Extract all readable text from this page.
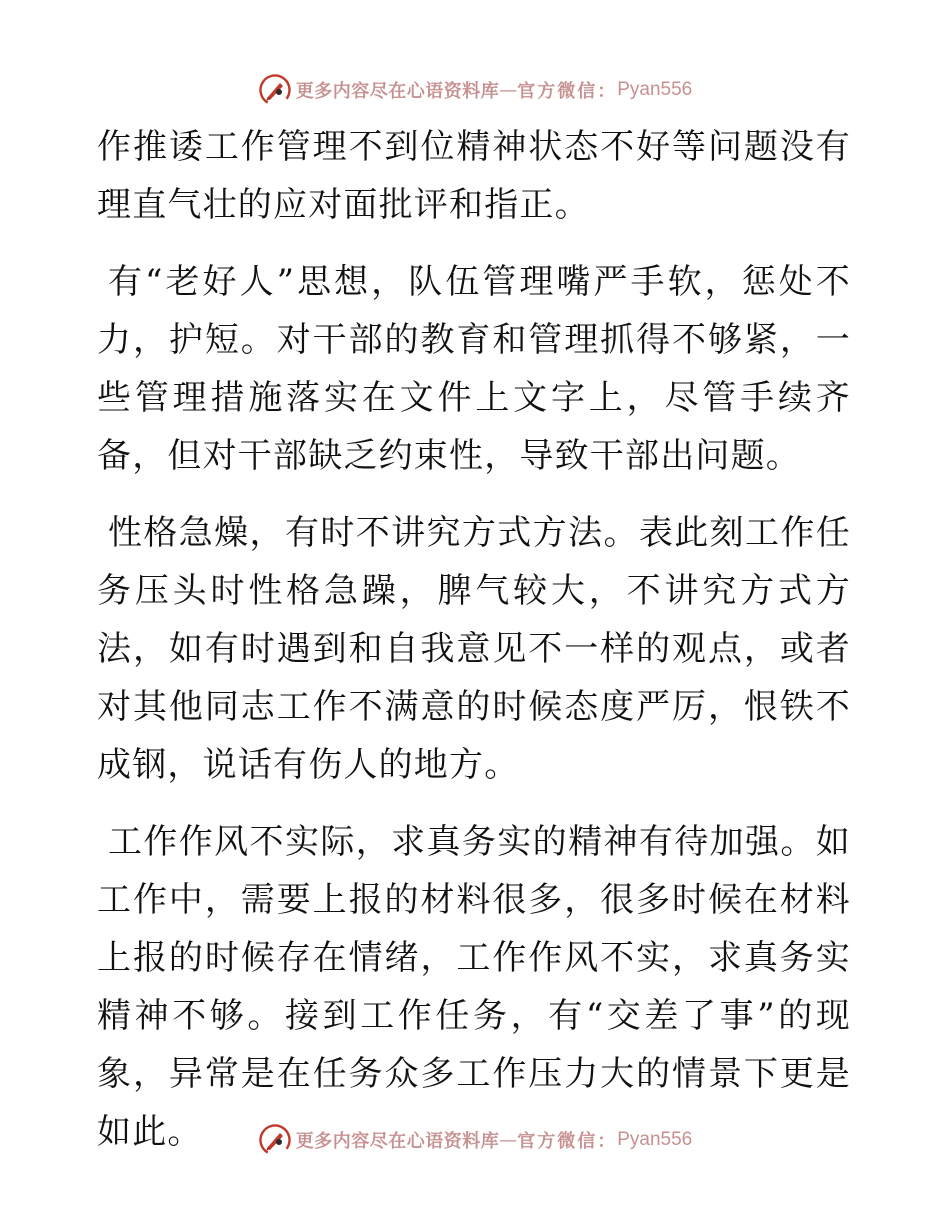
更多内容尽在心语资料库 — 官方微信： Pyan556

作推诿工作管理不到位精神状态不好等问题没有理直气壮的应对面批评和指正。

有“老好人”思想，队伍管理嘴严手软，惩处不力，护短。对干部的教育和管理抓得不够紧，一些管理措施落实在文件上文字上，尽管手续齐备，但对干部缺乏约束性，导致干部出问题。

性格急燥，有时不讲究方式方法。表此刻工作任务压头时性格急躁，脾气较大，不讲究方式方法，如有时遇到和自我意见不一样的观点，或者对其他同志工作不满意的时候态度严厉，恨铁不成钢，说话有伤人的地方。

工作作风不实际，求真务实的精神有待加强。如工作中，需要上报的材料很多，很多时候在材料上报的时候存在情绪，工作作风不实，求真务实精神不够。接到工作任务，有“交差了事”的现象，异常是在任务众多工作压力大的情景下更是如此。	更多内容尽在心语资料库 — 官方微信： Pyan556
